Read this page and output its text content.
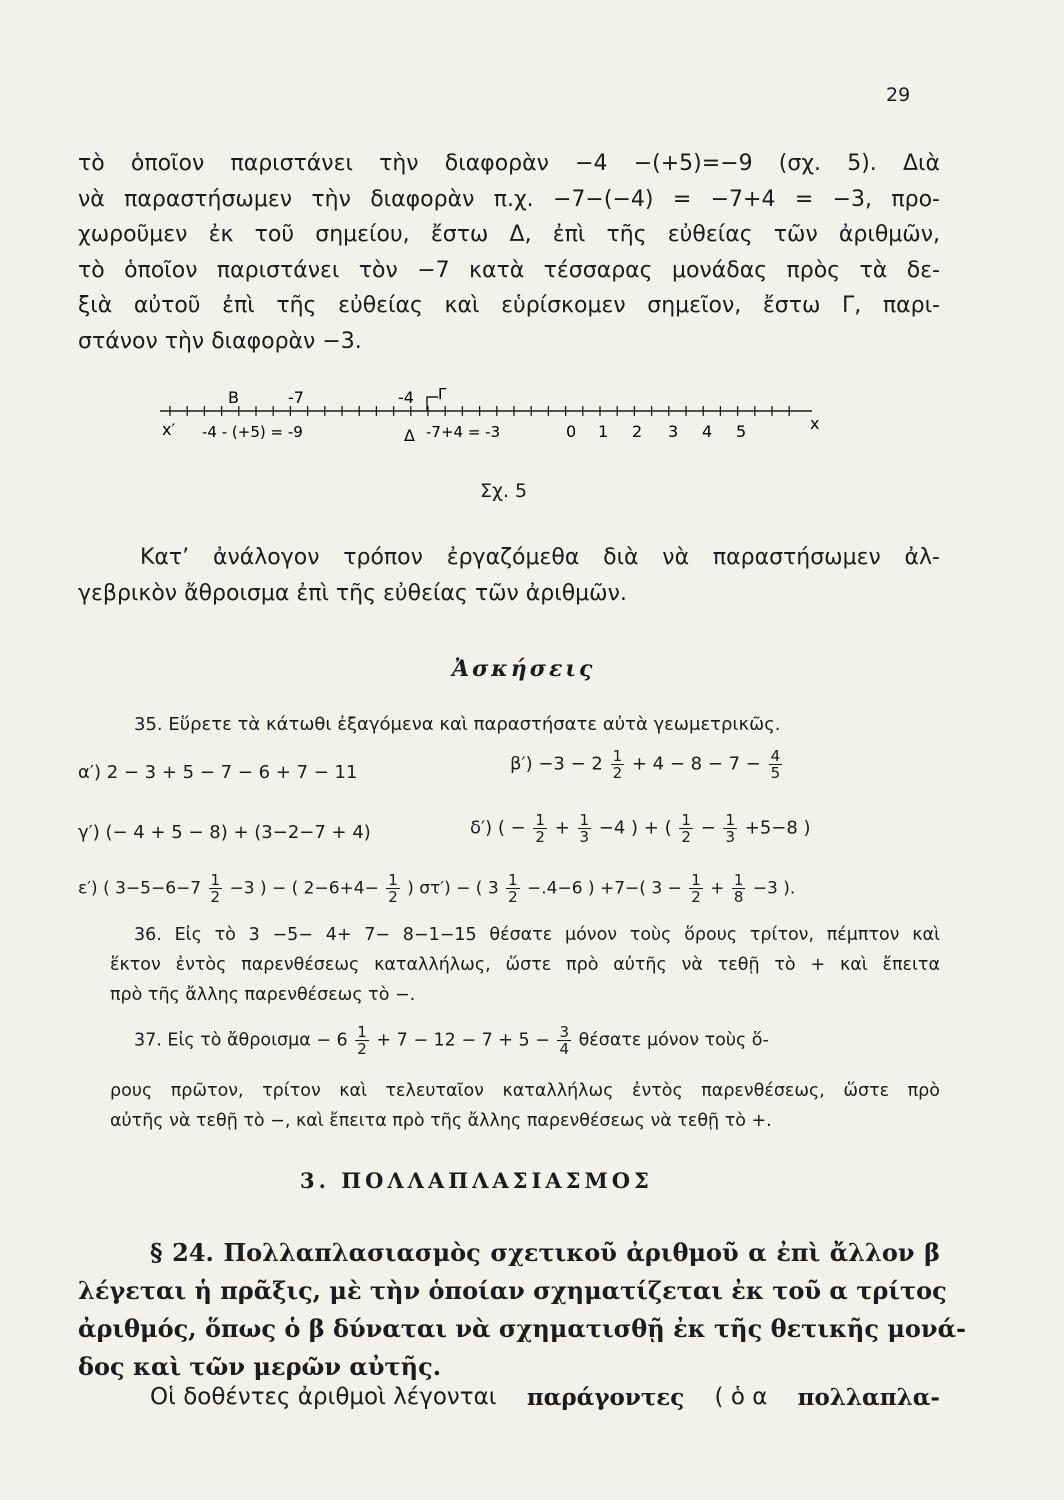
29
τὸ ὁποῖον παριστάνει τὴν διαφορὰν −4 −(+5)=−9 (σχ. 5). Διὰ
νὰ παραστήσωμεν τὴν διαφορὰν π.χ. −7−(−4) = −7+4 = −3, προ-
χωροῦμεν ἐκ τοῦ σημείου, ἔστω Δ, ἐπὶ τῆς εὐθείας τῶν ἀριθμῶν,
τὸ ὁποῖον παριστάνει τὸν −7 κατὰ τέσσαρας μονάδας πρὸς τὰ δε-
ξιὰ αὐτοῦ ἐπὶ τῆς εὐθείας καὶ εὑρίσκομεν σημεῖον, ἔστω Γ, παρι-
στάνον τὴν διαφορὰν −3.
B	-7	-4 Γ
x′ -4 - (+5) = -9	Δ -7+4 = -3	0 1 2 3 4 5	x
Σχ. 5
Κατ’ ἀνάλογον τρόπον ἐργαζόμεθα διὰ νὰ παραστήσωμεν ἀλ-
γεβρικὸν ἄθροισμα ἐπὶ τῆς εὐθείας τῶν ἀριθμῶν.
Ἀσκήσεις
35. Εὕρετε τὰ κάτωθι ἐξαγόμενα καὶ παραστήσατε αὐτὰ γεωμετρικῶς.
α′) 2 − 3 + 5 − 7 − 6 + 7 − 11	$\beta') -3 - 2 \frac{1}{2} + 4 - 8 - 7 - \frac{4}{5}$
γ′) (− 4 + 5 − 8) + (3−2−7 + 4)	δ′) ( − $\frac{1}{2} + \frac{1}{3} -4$ ) + ( $\frac{1}{2} - \frac{1}{3} +5-8$ )
ε′) ( $3-5-6-7 \frac{1}{2} -3$ ) − ( $2-6+4- \frac{1}{2}$ ) στ′) − ( $3 \frac{1}{2} -.4-6$ ) +7−( $3 - \frac{1}{2} + \frac{1}{8} -3$ ).
36. Εἰς τὸ 3 −5− 4+ 7− 8−1−15 θέσατε μόνον τοὺς ὅρους τρίτον, πέμπτον καὶ
ἕκτον ἐντὸς παρενθέσεως καταλλήλως, ὥστε πρὸ αὐτῆς νὰ τεθῇ τὸ + καὶ ἔπειτα
πρὸ τῆς ἄλλης παρενθέσεως τὸ −.
37. Εἰς τὸ ἄθροισμα − $6 \frac{1}{2} + 7 - 12 - 7 + 5 - \frac{3}{4}$ θέσατε μόνον τοὺς ὅ-
ρους πρῶτον, τρίτον καὶ τελευταῖον καταλλήλως ἐντὸς παρενθέσεως, ὥστε πρὸ
αὐτῆς νὰ τεθῇ τὸ −, καὶ ἔπειτα πρὸ τῆς ἄλλης παρενθέσεως νὰ τεθῇ τὸ +.
3. ΠΟΛΛΑΠΛΑΣΙΑΣΜΟΣ
§ 24. Πολλαπλασιασμὸς σχετικοῦ ἀριθμοῦ α ἐπὶ ἄλλον β
λέγεται ἡ πρᾶξις, μὲ τὴν ὁποίαν σχηματίζεται ἐκ τοῦ α τρίτος
ἀριθμός, ὅπως ὁ β δύναται νὰ σχηματισθῇ ἐκ τῆς θετικῆς μονά-
δος καὶ τῶν μερῶν αὐτῆς.
Οἱ δοθέντες ἀριθμοὶ λέγονται παράγοντες ( ὁ α πολλαπλα-
